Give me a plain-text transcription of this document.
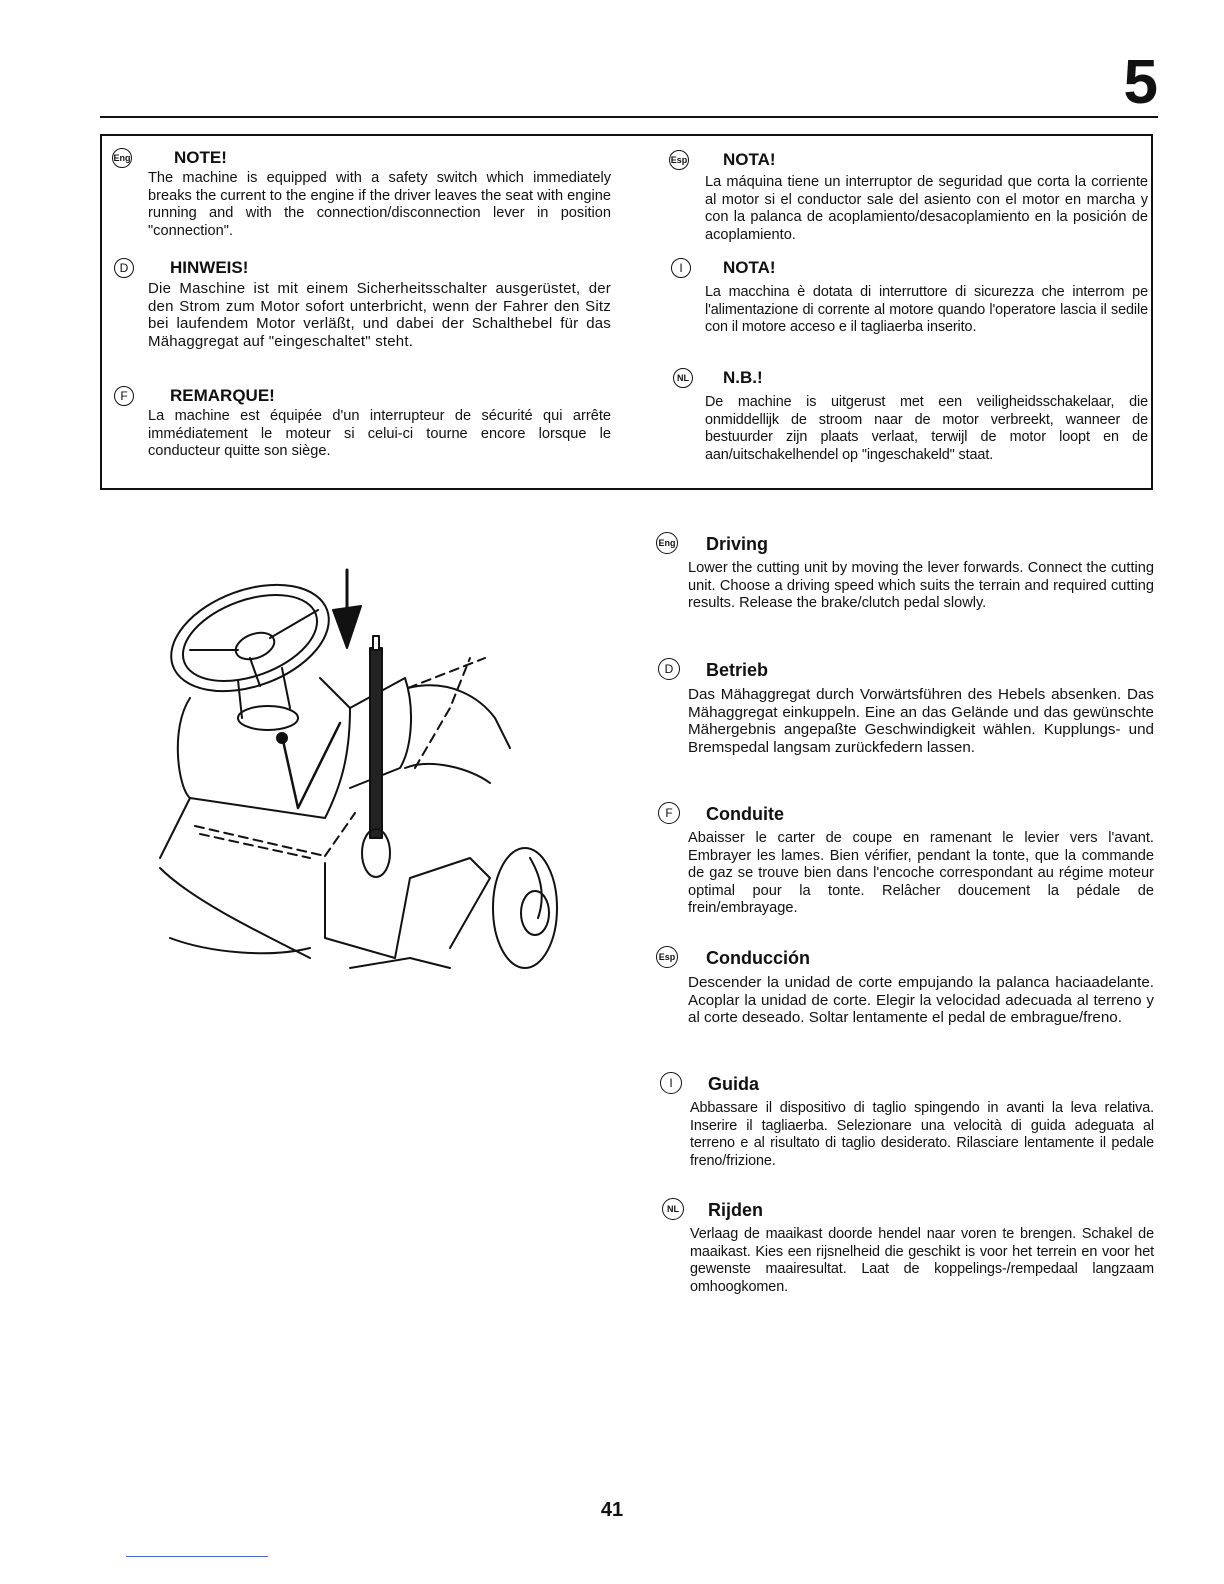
5
Eng	NOTE!
The machine is equipped with a safety switch which immediately breaks the current to the engine if the driver leaves the seat with engine running and with the connection/disconnection lever in position "connection".
D	HINWEIS!
Die Maschine ist mit einem Sicherheitsschalter ausgerüstet, der den Strom zum Motor sofort unterbricht, wenn der Fahrer den Sitz bei laufendem Motor verläßt, und dabei der Schalthebel für das Mähaggregat auf "eingeschaltet" steht.
F	REMARQUE!
La machine est équipée d'un interrupteur de sécurité qui arrête immédiatement le moteur si celui-ci tourne encore lorsque le conducteur quitte son siège.
Esp NOTA!
La máquina tiene un interruptor de seguridad que corta la corriente al motor si el conductor sale del asiento con el motor en marcha y con la palanca de acoplamiento/desacoplamiento en la posición de acoplamiento.
I	NOTA!
La macchina è dotata di interruttore di sicurezza che interrom pe l'alimentazione di corrente al motore quando l'operatore lascia il sedile con il motore acceso e il tagliaerba inserito.
NL N.B.!
De machine is uitgerust met een veiligheidsschakelaar, die onmiddellijk de stroom naar de motor verbreekt, wanneer de bestuurder zijn plaats verlaat, terwijl de motor loopt en de aan/uitschakelhendel op "ingeschakeld" staat.
Eng Driving
Lower the cutting unit by moving the lever forwards. Connect the cutting unit. Choose a driving speed which suits the terrain and required cutting results. Release the brake/clutch pedal slowly.
D	Betrieb
Das Mähaggregat durch Vorwärtsführen des Hebels absenken. Das Mähaggregat einkuppeln. Eine an das Gelände und das gewünschte Mähergebnis angepaßte Geschwindigkeit wählen. Kupplungs- und Bremspedal langsam zurückfedern lassen.
F	Conduite
Abaisser le carter de coupe en ramenant le levier vers l'avant. Embrayer les lames. Bien vérifier, pendant la tonte, que la commande de gaz se trouve bien dans l'encoche correspondant au régime moteur optimal pour la tonte. Relâcher doucement la pédale de frein/embrayage.
Esp Conducción
Descender la unidad de corte empujando la palanca haciaadelante. Acoplar la unidad de corte. Elegir la velocidad adecuada al terreno y al corte deseado. Soltar lentamente el pedal de embrague/freno.
I	Guida
Abbassare il dispositivo di taglio spingendo in avanti la leva relativa. Inserire il tagliaerba. Selezionare una velocità di guida adeguata al terreno e al risultato di taglio desiderato. Rilasciare lentamente il pedale freno/frizione.
NL Rijden
Verlaag de maaikast doorde hendel naar voren te brengen. Schakel de maaikast. Kies een rijsnelheid die geschikt is voor het terrein en voor het gewenste maairesultat. Laat de koppelings-/rempedaal langzaam omhoogkomen.
41
